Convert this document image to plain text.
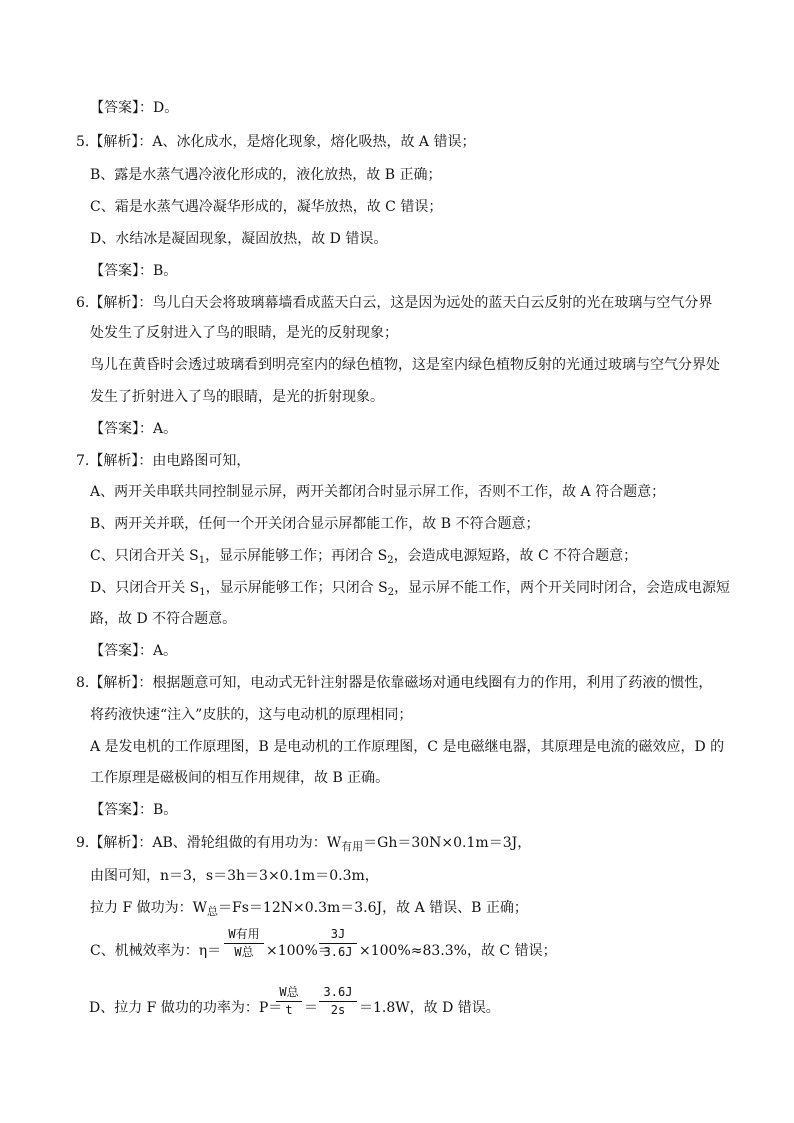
【答案】：D。
5.【解析】：A、冰化成水，是熔化现象，熔化吸热，故 A 错误；
B、露是水蒸气遇冷液化形成的，液化放热，故 B 正确；
C、霜是水蒸气遇冷凝华形成的，凝华放热，故 C 错误；
D、水结冰是凝固现象，凝固放热，故 D 错误。
【答案】：B。
6.【解析】：鸟儿白天会将玻璃幕墙看成蓝天白云，这是因为远处的蓝天白云反射的光在玻璃与空气分界
处发生了反射进入了鸟的眼睛，是光的反射现象；
鸟儿在黄昏时会透过玻璃看到明亮室内的绿色植物，这是室内绿色植物反射的光通过玻璃与空气分界处
发生了折射进入了鸟的眼睛，是光的折射现象。
【答案】：A。
7.【解析】：由电路图可知，
A、两开关串联共同控制显示屏，两开关都闭合时显示屏工作，否则不工作，故 A 符合题意；
B、两开关并联，任何一个开关闭合显示屏都能工作，故 B 不符合题意；
C、只闭合开关 $S_1$，显示屏能够工作；再闭合 $S_2$，会造成电源短路，故 C 不符合题意；
D、只闭合开关 $S_1$，显示屏能够工作；只闭合 $S_2$，显示屏不能工作，两个开关同时闭合，会造成电源短
路，故 D 不符合题意。
【答案】：A。
8.【解析】：根据题意可知，电动式无针注射器是依靠磁场对通电线圈有力的作用，利用了药液的惯性，
将药液快速“注入”皮肤的，这与电动机的原理相同；
A 是发电机的工作原理图，B 是电动机的工作原理图，C 是电磁继电器，其原理是电流的磁效应，D 的
工作原理是磁极间的相互作用规律，故 B 正确。
【答案】：B。
9.【解析】：AB、滑轮组做的有用功为：$W_{有用}=Gh=30N\times 0.1m=3J$，
由图可知，n＝3，s＝3h＝3×0.1m＝0.3m，
拉力 F 做功为：$W_总=Fs=12N\times 0.3m=3.6J$，故 A 错误、B 正确；
C、机械效率为：η＝
W有用
W总 ×100%＝
3J
3.6J ×100%≈83.3%，故 C 错误；
D、拉力 F 做功的功率为：P＝
W总
t ＝
3.6J
2s ＝1.8W，故 D 错误。
